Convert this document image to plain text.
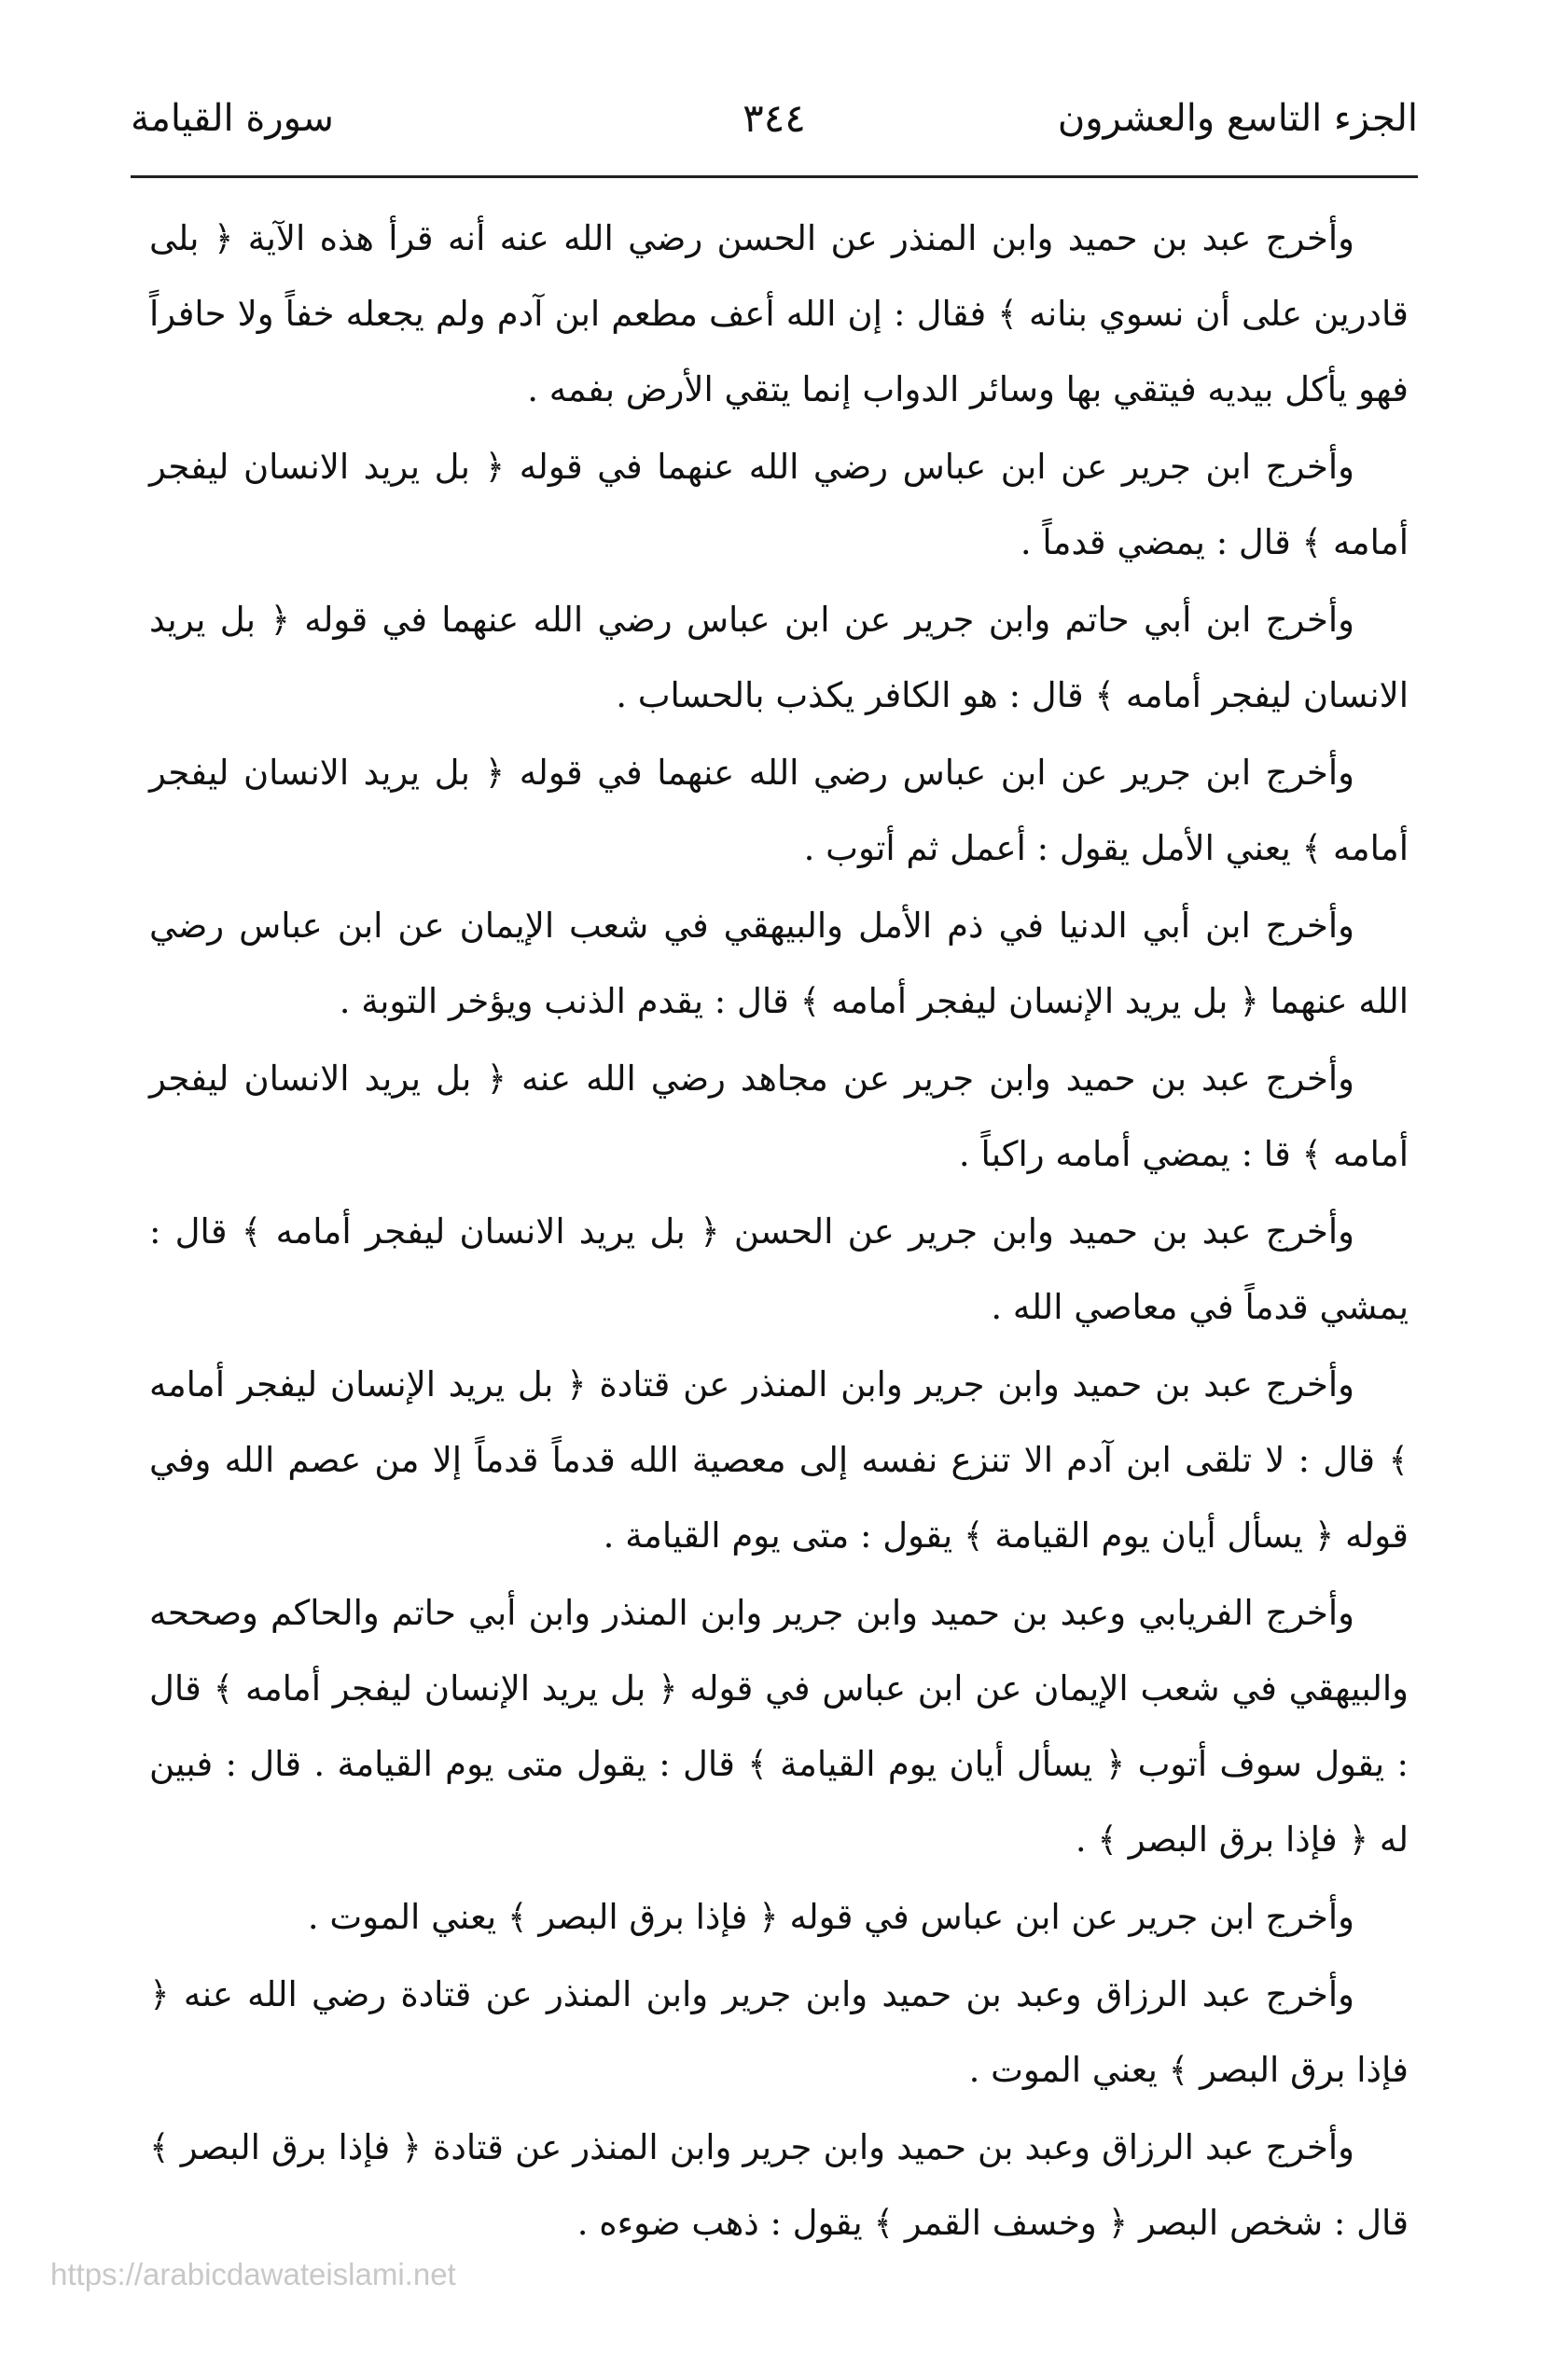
الجزء التاسع والعشرون
٣٤٤
سورة القيامة

وأخرج عبد بن حميد وابن المنذر عن الحسن رضي الله عنه أنه قرأ هذه الآية ﴿ بلى قادرين على أن نسوي بنانه ﴾ فقال : إن الله أعف مطعم ابن آدم ولم يجعله خفاً ولا حافراً فهو يأكل بيديه فيتقي بها وسائر الدواب إنما يتقي الأرض بفمه .

وأخرج ابن جرير عن ابن عباس رضي الله عنهما في قوله ﴿ بل يريد الانسان ليفجر أمامه ﴾ قال : يمضي قدماً .

وأخرج ابن أبي حاتم وابن جرير عن ابن عباس رضي الله عنهما في قوله ﴿ بل يريد الانسان ليفجر أمامه ﴾ قال : هو الكافر يكذب بالحساب .

وأخرج ابن جرير عن ابن عباس رضي الله عنهما في قوله ﴿ بل يريد الانسان ليفجر أمامه ﴾ يعني الأمل يقول : أعمل ثم أتوب .

وأخرج ابن أبي الدنيا في ذم الأمل والبيهقي في شعب الإيمان عن ابن عباس رضي الله عنهما ﴿ بل يريد الإنسان ليفجر أمامه ﴾ قال : يقدم الذنب ويؤخر التوبة .

وأخرج عبد بن حميد وابن جرير عن مجاهد رضي الله عنه ﴿ بل يريد الانسان ليفجر أمامه ﴾ قا : يمضي أمامه راكباً .

وأخرج عبد بن حميد وابن جرير عن الحسن ﴿ بل يريد الانسان ليفجر أمامه ﴾ قال : يمشي قدماً في معاصي الله .

وأخرج عبد بن حميد وابن جرير وابن المنذر عن قتادة ﴿ بل يريد الإنسان ليفجر أمامه ﴾ قال : لا تلقى ابن آدم الا تنزع نفسه إلى معصية الله قدماً قدماً إلا من عصم الله وفي قوله ﴿ يسأل أيان يوم القيامة ﴾ يقول : متى يوم القيامة .

وأخرج الفريابي وعبد بن حميد وابن جرير وابن المنذر وابن أبي حاتم والحاكم وصححه والبيهقي في شعب الإيمان عن ابن عباس في قوله ﴿ بل يريد الإنسان ليفجر أمامه ﴾ قال : يقول سوف أتوب ﴿ يسأل أيان يوم القيامة ﴾ قال : يقول متى يوم القيامة . قال : فبين له ﴿ فإذا برق البصر ﴾ .

وأخرج ابن جرير عن ابن عباس في قوله ﴿ فإذا برق البصر ﴾ يعني الموت .

وأخرج عبد الرزاق وعبد بن حميد وابن جرير وابن المنذر عن قتادة رضي الله عنه ﴿ فإذا برق البصر ﴾ يعني الموت .

وأخرج عبد الرزاق وعبد بن حميد وابن جرير وابن المنذر عن قتادة ﴿ فإذا برق البصر ﴾ قال : شخص البصر ﴿ وخسف القمر ﴾ يقول : ذهب ضوءه .

https://arabicdawateislami.net
